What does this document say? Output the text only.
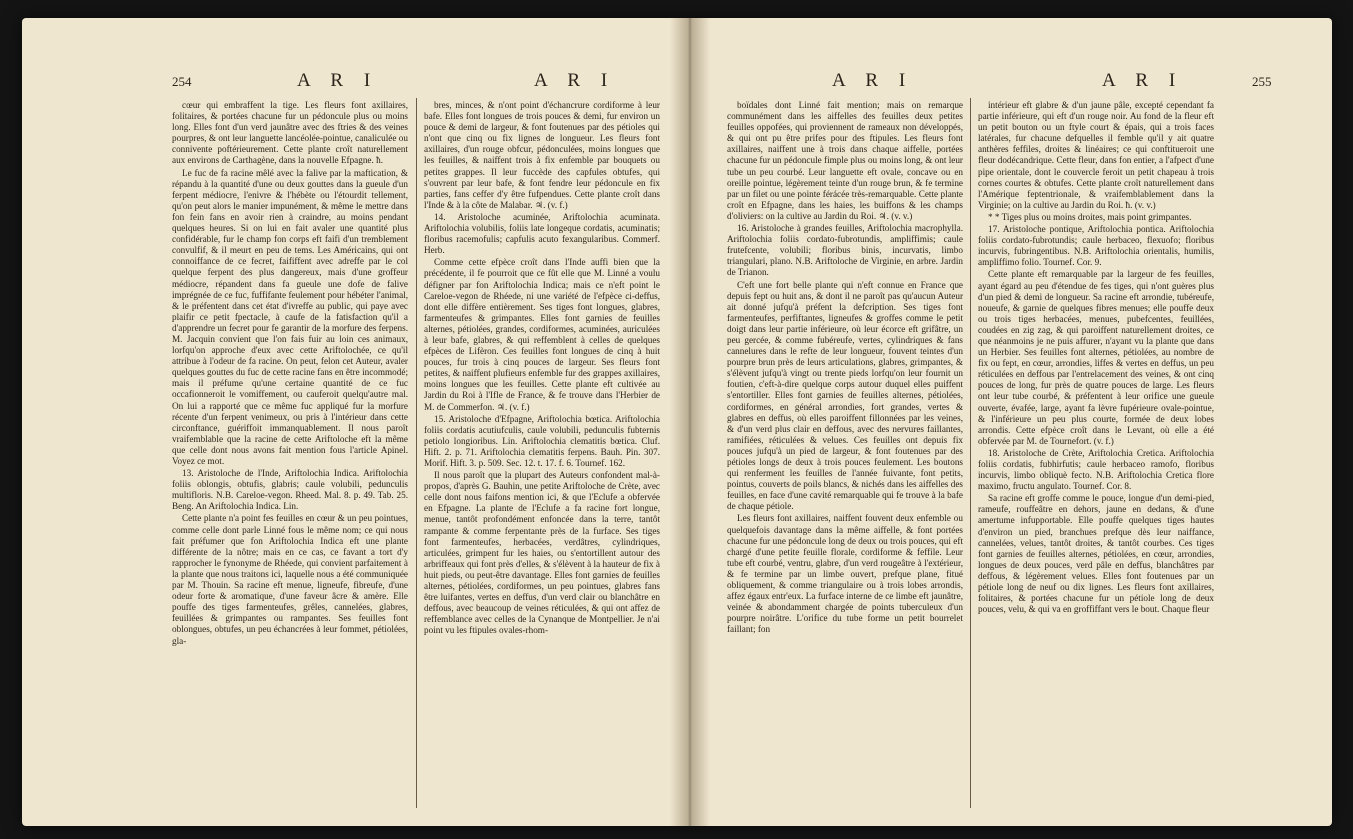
254	A R I	A R I

cœur qui embraffent la tige. Les fleurs font axillaires, folitaires, & portées chacune fur un pédoncule plus ou moins long. Elles font d'un verd jaunâtre avec des ftries & des veines pourpres, & ont leur languette lancéolée-pointue, canaliculée ou connivente poftérieurement. Cette plante croît naturellement aux environs de Carthagène, dans la nouvelle Efpagne. ħ.

Le fuc de fa racine mêlé avec la falive par la maftication, & répandu à la quantité d'une ou deux gouttes dans la gueule d'un ferpent médiocre, l'enivre & l'hébète ou l'étourdit tellement, qu'on peut alors le manier impunément, & même le mettre dans fon fein fans en avoir rien à craindre, au moins pendant quelques heures. Si on lui en fait avaler une quantité plus confidérable, fur le champ fon corps eft faifi d'un tremblement convulfif, & il meurt en peu de tems. Les Américains, qui ont connoiffance de ce fecret, faififfent avec adreffe par le col quelque ferpent des plus dangereux, mais d'une groffeur médiocre, répandent dans fa gueule une dofe de falive imprégnée de ce fuc, fuffifante feulement pour hébéter l'animal, & le préfentent dans cet état d'ivreffe au public, qui paye avec plaifir ce petit fpectacle, à caufe de la fatisfaction qu'il a d'apprendre un fecret pour fe garantir de la morfure des ferpens. M. Jacquin convient que l'on fais fuir au loin ces animaux, lorfqu'on approche d'eux avec cette Ariftolochée, ce qu'il attribue à l'odeur de fa racine. On peut, felon cet Auteur, avaler quelques gouttes du fuc de cette racine fans en être incommodé; mais il préfume qu'une certaine quantité de ce fuc occafionneroit le vomiffement, ou cauferoit quelqu'autre mal. On lui a rapporté que ce même fuc appliqué fur la morfure récente d'un ferpent venimeux, ou pris à l'intérieur dans cette circonftance, guériffoit immanquablement. Il nous paroît vraifemblable que la racine de cette Ariftoloche eft la même que celle dont nous avons fait mention fous l'article Apinel. Voyez ce mot.

13. Aristoloche de l'Inde, Ariftolochia Indica. Ariftolochia foliis oblongis, obtufis, glabris; caule volubili, pedunculis multifloris. N.B. Careloe-vegon. Rheed. Mal. 8. p. 49. Tab. 25. Beng. An Ariftolochia Indica. Lin.

Cette plante n'a point fes feuilles en cœur & un peu pointues, comme celle dont parle Linné fous le même nom; ce qui nous fait préfumer que fon Ariftolochia Indica eft une plante différente de la nôtre; mais en ce cas, ce favant a tort d'y rapprocher le fynonyme de Rhéede, qui convient parfaitement à la plante que nous traitons ici, laquelle nous a été communiquée par M. Thouin. Sa racine eft menue, ligneufe, fibreufe, d'une odeur forte & aromatique, d'une faveur âcre & amère. Elle pouffe des tiges farmenteufes, grêles, cannelées, glabres, feuillées & grimpantes ou rampantes. Ses feuilles font oblongues, obtufes, un peu échancrées à leur fommet, pétiolées, gla-

bres, minces, & n'ont point d'échancrure cordiforme à leur bafe. Elles font longues de trois pouces & demi, fur environ un pouce & demi de largeur, & font foutenues par des pétioles qui n'ont que cinq ou fix lignes de longueur. Les fleurs font axillaires, d'un rouge obfcur, pédonculées, moins longues que les feuilles, & naiffent trois à fix enfemble par bouquets ou petites grappes. Il leur fuccède des capfules obtufes, qui s'ouvrent par leur bafe, & font fendre leur pédoncule en fix parties, fans ceffer d'y être fufpendues. Cette plante croît dans l'Inde & à la côte de Malabar. ♃. (v. f.)

14. Aristoloche acuminée, Ariftolochia acuminata. Ariftolochia volubilis, foliis late longeque cordatis, acuminatis; floribus racemofulis; capfulis acuto fexangularibus. Commerf. Herb.

Comme cette efpèce croît dans l'Inde auffi bien que la précédente, il fe pourroit que ce fût elle que M. Linné a voulu défigner par fon Ariftolochia Indica; mais ce n'eft point le Careloe-vegon de Rhéede, ni une variété de l'efpèce ci-deffus, dont elle diffère entièrement. Ses tiges font longues, glabres, farmenteufes & grimpantes. Elles font garnies de feuilles alternes, pétiolées, grandes, cordiformes, acuminées, auriculées à leur bafe, glabres, & qui reffemblent à celles de quelques efpèces de Lifèron. Ces feuilles font longues de cinq à huit pouces, fur trois à cinq pouces de largeur. Ses fleurs font petites, & naiffent plufieurs enfemble fur des grappes axillaires, moins longues que les feuilles. Cette plante eft cultivée au Jardin du Roi à l'Ifle de France, & fe trouve dans l'Herbier de M. de Commerfon. ♃. (v. f.)

15. Aristoloche d'Efpagne, Ariftolochia bœtica. Ariftolochia foliis cordatis acutiufculis, caule volubili, pedunculis fubternis petiolo longioribus. Lin. Ariftolochia clematitis bœtica. Cluf. Hift. 2. p. 71. Ariftolochia clematitis ferpens. Bauh. Pin. 307. Morif. Hift. 3. p. 509. Sec. 12. t. 17. f. 6. Tournef. 162.

Il nous paroît que la plupart des Auteurs confondent mal-à-propos, d'après G. Bauhin, une petite Ariftoloche de Crète, avec celle dont nous faifons mention ici, & que l'Eclufe a obfervée en Efpagne. La plante de l'Eclufe a fa racine fort longue, menue, tantôt profondément enfoncée dans la terre, tantôt rampante & comme ferpentante près de la furface. Ses tiges font farmenteufes, herbacées, verdâtres, cylindriques, articulées, grimpent fur les haies, ou s'entortillent autour des arbriffeaux qui font près d'elles, & s'élèvent à la hauteur de fix à huit pieds, ou peut-être davantage. Elles font garnies de feuilles alternes, pétiolées, cordiformes, un peu pointues, glabres fans être luifantes, vertes en deffus, d'un verd clair ou blanchâtre en deffous, avec beaucoup de veines réticulées, & qui ont affez de reffemblance avec celles de la Cynanque de Montpellier. Je n'ai point vu les ftipules ovales-rhom-

A R I	A R I	255

boïdales dont Linné fait mention; mais on remarque communément dans les aiffelles des feuilles deux petites feuilles oppofées, qui proviennent de rameaux non développés, & qui ont pu être prifes pour des ftipules. Les fleurs font axillaires, naiffent une à trois dans chaque aiffelle, portées chacune fur un pédoncule fimple plus ou moins long, & ont leur tube un peu courbé. Leur languette eft ovale, concave ou en oreille pointue, légèrement teinte d'un rouge brun, & fe termine par un filet ou une pointe férácée très-remarquable. Cette plante croît en Efpagne, dans les haies, les buiffons & les champs d'oliviers: on la cultive au Jardin du Roi. ♃. (v. v.)

16. Aristoloche à grandes feuilles, Ariftolochia macrophylla. Ariftolochia foliis cordato-fubrotundis, ampliffimis; caule frutefcente, volubili; floribus binis, incurvatis, limbo triangulari, plano. N.B. Ariftoloche de Virginie, en arbre. Jardin de Trianon.

C'eft une fort belle plante qui n'eft connue en France que depuis fept ou huit ans, & dont il ne paroît pas qu'aucun Auteur ait donné jufqu'à préfent la defcription. Ses tiges font farmenteufes, perfiftantes, ligneufes & groffes comme le petit doigt dans leur partie inférieure, où leur écorce eft grifâtre, un peu gercée, & comme fubéreufe, vertes, cylindriques & fans cannelures dans le refte de leur longueur, fouvent teintes d'un pourpre brun près de leurs articulations, glabres, grimpantes, & s'élèvent jufqu'à vingt ou trente pieds lorfqu'on leur fournit un foutien, c'eft-à-dire quelque corps autour duquel elles puiffent s'entortiller. Elles font garnies de feuilles alternes, pétiolées, cordiformes, en général arrondies, fort grandes, vertes & glabres en deffus, où elles paroiffent fillonnées par les veines, & d'un verd plus clair en deffous, avec des nervures faillantes, ramifiées, réticulées & velues. Ces feuilles ont depuis fix pouces jufqu'à un pied de largeur, & font foutenues par des pétioles longs de deux à trois pouces feulement. Les boutons qui renferment les feuilles de l'année fuivante, font petits, pointus, couverts de poils blancs, & nichés dans les aiffelles des feuilles, en face d'une cavité remarquable qui fe trouve à la bafe de chaque pétiole.

Les fleurs font axillaires, naiffent fouvent deux enfemble ou quelquefois davantage dans la même aiffelle, & font portées chacune fur une pédoncule long de deux ou trois pouces, qui eft chargé d'une petite feuille florale, cordiforme & feffile. Leur tube eft courbé, ventru, glabre, d'un verd rougeâtre à l'extérieur, & fe termine par un limbe ouvert, prefque plane, fitué obliquement, & comme triangulaire ou à trois lobes arrondis, affez égaux entr'eux. La furface interne de ce limbe eft jaunâtre, veinée & abondamment chargée de points tuberculeux d'un pourpre noirâtre. L'orifice du tube forme un petit bourrelet faillant; fon

intérieur eft glabre & d'un jaune pâle, excepté cependant fa partie inférieure, qui eft d'un rouge noir. Au fond de la fleur eft un petit bouton ou un ftyle court & épais, qui a trois faces latérales, fur chacune defquelles il femble qu'il y ait quatre anthères feffiles, droites & linéaires; ce qui conftitueroit une fleur dodécandrique. Cette fleur, dans fon entier, a l'afpect d'une pipe orientale, dont le couvercle feroit un petit chapeau à trois cornes courtes & obtufes. Cette plante croît naturellement dans l'Amérique feptentrionale, & vraifemblablement dans la Virginie; on la cultive au Jardin du Roi. ħ. (v. v.)

* * Tiges plus ou moins droites, mais point grimpantes.

17. Aristoloche pontique, Ariftolochia pontica. Ariftolochia foliis cordato-fubrotundis; caule herbaceo, flexuofo; floribus incurvis, fubringentibus. N.B. Ariftolochia orientalis, humilis, ampliffimo folio. Tournef. Cor. 9.

Cette plante eft remarquable par la largeur de fes feuilles, ayant égard au peu d'étendue de fes tiges, qui n'ont guères plus d'un pied & demi de longueur. Sa racine eft arrondie, tubéreufe, noueufe, & garnie de quelques fibres menues; elle pouffe deux ou trois tiges herbacées, menues, pubefcentes, feuillées, coudées en zig zag, & qui paroiffent naturellement droites, ce que néanmoins je ne puis affurer, n'ayant vu la plante que dans un Herbier. Ses feuilles font alternes, pétiolées, au nombre de fix ou fept, en cœur, arrondies, liffes & vertes en deffus, un peu réticulées en deffous par l'entrelacement des veines, & ont cinq pouces de long, fur près de quatre pouces de large. Les fleurs ont leur tube courbé, & préfentent à leur orifice une gueule ouverte, évafée, large, ayant fa lèvre fupérieure ovale-pointue, & l'inférieure un peu plus courte, formée de deux lobes arrondis. Cette efpèce croît dans le Levant, où elle a été obfervée par M. de Tournefort. (v. f.)

18. Aristoloche de Crète, Ariftolochia Cretica. Ariftolochia foliis cordatis, fubhirfutis; caule herbaceo ramofo, floribus incurvis, limbo obliquè fecto. N.B. Ariftolochia Cretica flore maximo, fructu angulato. Tournef. Cor. 8.

Sa racine eft groffe comme le pouce, longue d'un demi-pied, rameufe, rouffeâtre en dehors, jaune en dedans, & d'une amertume infupportable. Elle pouffe quelques tiges hautes d'environ un pied, branchues prefque dès leur naiffance, cannelées, velues, tantôt droites, & tantôt courbes. Ces tiges font garnies de feuilles alternes, pétiolées, en cœur, arrondies, longues de deux pouces, verd pâle en deffus, blanchâtres par deffous, & légèrement velues. Elles font foutenues par un pétiole long de neuf ou dix lignes. Les fleurs font axillaires, folitaires, & portées chacune fur un pétiole long de deux pouces, velu, & qui va en groffiffant vers le bout. Chaque fleur
